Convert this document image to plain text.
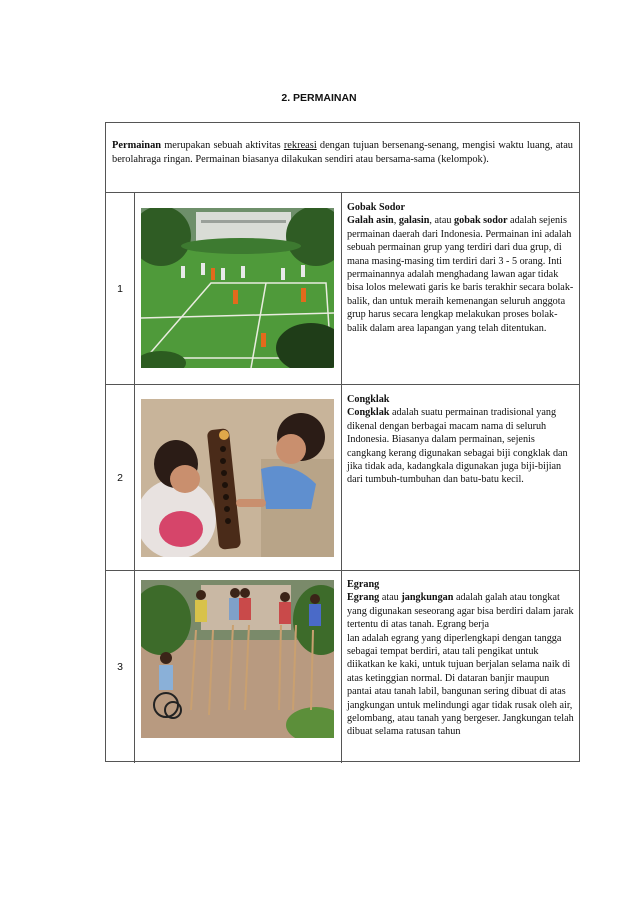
2. PERMAINAN
Permainan merupakan sebuah aktivitas rekreasi dengan tujuan bersenang-senang, mengisi waktu luang, atau berolahraga ringan. Permainan biasanya dilakukan sendiri atau bersama-sama (kelompok).
1
Gobak Sodor
Galah asin, galasin, atau gobak sodor adalah sejenis permainan daerah dari Indonesia. Permainan ini adalah sebuah permainan grup yang terdiri dari dua grup, di mana masing-masing tim terdiri dari 3 - 5 orang. Inti permainannya adalah menghadang lawan agar tidak bisa lolos melewati garis ke baris terakhir secara bolak-balik, dan untuk meraih kemenangan seluruh anggota grup harus secara lengkap melakukan proses bolak-balik dalam area lapangan yang telah ditentukan.
2
Congklak
Congklak adalah suatu permainan tradisional yang dikenal dengan berbagai macam nama di seluruh Indonesia. Biasanya dalam permainan, sejenis cangkang kerang digunakan sebagai biji congklak dan jika tidak ada, kadangkala digunakan juga biji-bijian dari tumbuh-tumbuhan dan batu-batu kecil.
3
Egrang
Egrang atau jangkungan adalah galah atau tongkat yang digunakan seseorang agar bisa berdiri dalam jarak tertentu di atas tanah. Egrang berja
lan adalah egrang yang diperlengkapi dengan tangga sebagai tempat berdiri, atau tali pengikat untuk diikatkan ke kaki, untuk tujuan berjalan selama naik di atas ketinggian normal. Di dataran banjir maupun pantai atau tanah labil, bangunan sering dibuat di atas jangkungan untuk melindungi agar tidak rusak oleh air, gelombang, atau tanah yang bergeser. Jangkungan telah dibuat selama ratusan tahun
